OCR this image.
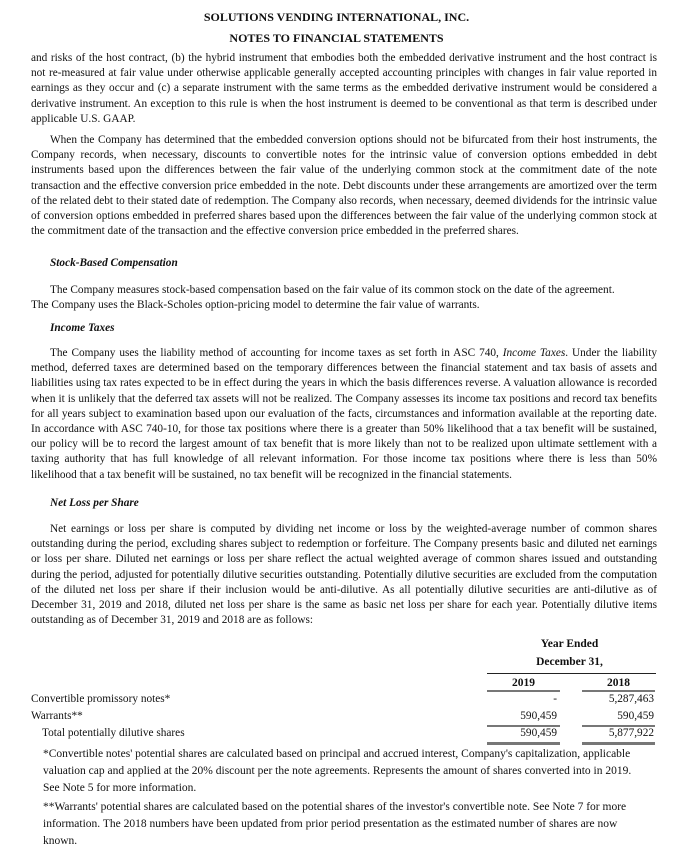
SOLUTIONS VENDING INTERNATIONAL, INC.
NOTES TO FINANCIAL STATEMENTS
and risks of the host contract, (b) the hybrid instrument that embodies both the embedded derivative instrument and the host contract is not re-measured at fair value under otherwise applicable generally accepted accounting principles with changes in fair value reported in earnings as they occur and (c) a separate instrument with the same terms as the embedded derivative instrument would be considered a derivative instrument. An exception to this rule is when the host instrument is deemed to be conventional as that term is described under applicable U.S. GAAP.
When the Company has determined that the embedded conversion options should not be bifurcated from their host instruments, the Company records, when necessary, discounts to convertible notes for the intrinsic value of conversion options embedded in debt instruments based upon the differences between the fair value of the underlying common stock at the commitment date of the note transaction and the effective conversion price embedded in the note. Debt discounts under these arrangements are amortized over the term of the related debt to their stated date of redemption. The Company also records, when necessary, deemed dividends for the intrinsic value of conversion options embedded in preferred shares based upon the differences between the fair value of the underlying common stock at the commitment date of the transaction and the effective conversion price embedded in the preferred shares.
Stock-Based Compensation
The Company measures stock-based compensation based on the fair value of its common stock on the date of the agreement.
The Company uses the Black-Scholes option-pricing model to determine the fair value of warrants.
Income Taxes
The Company uses the liability method of accounting for income taxes as set forth in ASC 740, Income Taxes. Under the liability method, deferred taxes are determined based on the temporary differences between the financial statement and tax basis of assets and liabilities using tax rates expected to be in effect during the years in which the basis differences reverse. A valuation allowance is recorded when it is unlikely that the deferred tax assets will not be realized. The Company assesses its income tax positions and record tax benefits for all years subject to examination based upon our evaluation of the facts, circumstances and information available at the reporting date. In accordance with ASC 740-10, for those tax positions where there is a greater than 50% likelihood that a tax benefit will be sustained, our policy will be to record the largest amount of tax benefit that is more likely than not to be realized upon ultimate settlement with a taxing authority that has full knowledge of all relevant information. For those income tax positions where there is less than 50% likelihood that a tax benefit will be sustained, no tax benefit will be recognized in the financial statements.
Net Loss per Share
Net earnings or loss per share is computed by dividing net income or loss by the weighted-average number of common shares outstanding during the period, excluding shares subject to redemption or forfeiture. The Company presents basic and diluted net earnings or loss per share. Diluted net earnings or loss per share reflect the actual weighted average of common shares issued and outstanding during the period, adjusted for potentially dilutive securities outstanding. Potentially dilutive securities are excluded from the computation of the diluted net loss per share if their inclusion would be anti-dilutive. As all potentially dilutive securities are anti-dilutive as of December 31, 2019 and 2018, diluted net loss per share is the same as basic net loss per share for each year. Potentially dilutive items outstanding as of December 31, 2019 and 2018 are as follows:
Year Ended
December 31,
2019	2018
Convertible promissory notes*	-	5,287,463
Warrants**	590,459	590,459
Total potentially dilutive shares	590,459	5,877,922
*Convertible notes' potential shares are calculated based on principal and accrued interest, Company's capitalization, applicable valuation cap and applied at the 20% discount per the note agreements. Represents the amount of shares converted into in 2019. See Note 5 for more information.
**Warrants' potential shares are calculated based on the potential shares of the investor's convertible note. See Note 7 for more information. The 2018 numbers have been updated from prior period presentation as the estimated number of shares are now known.
